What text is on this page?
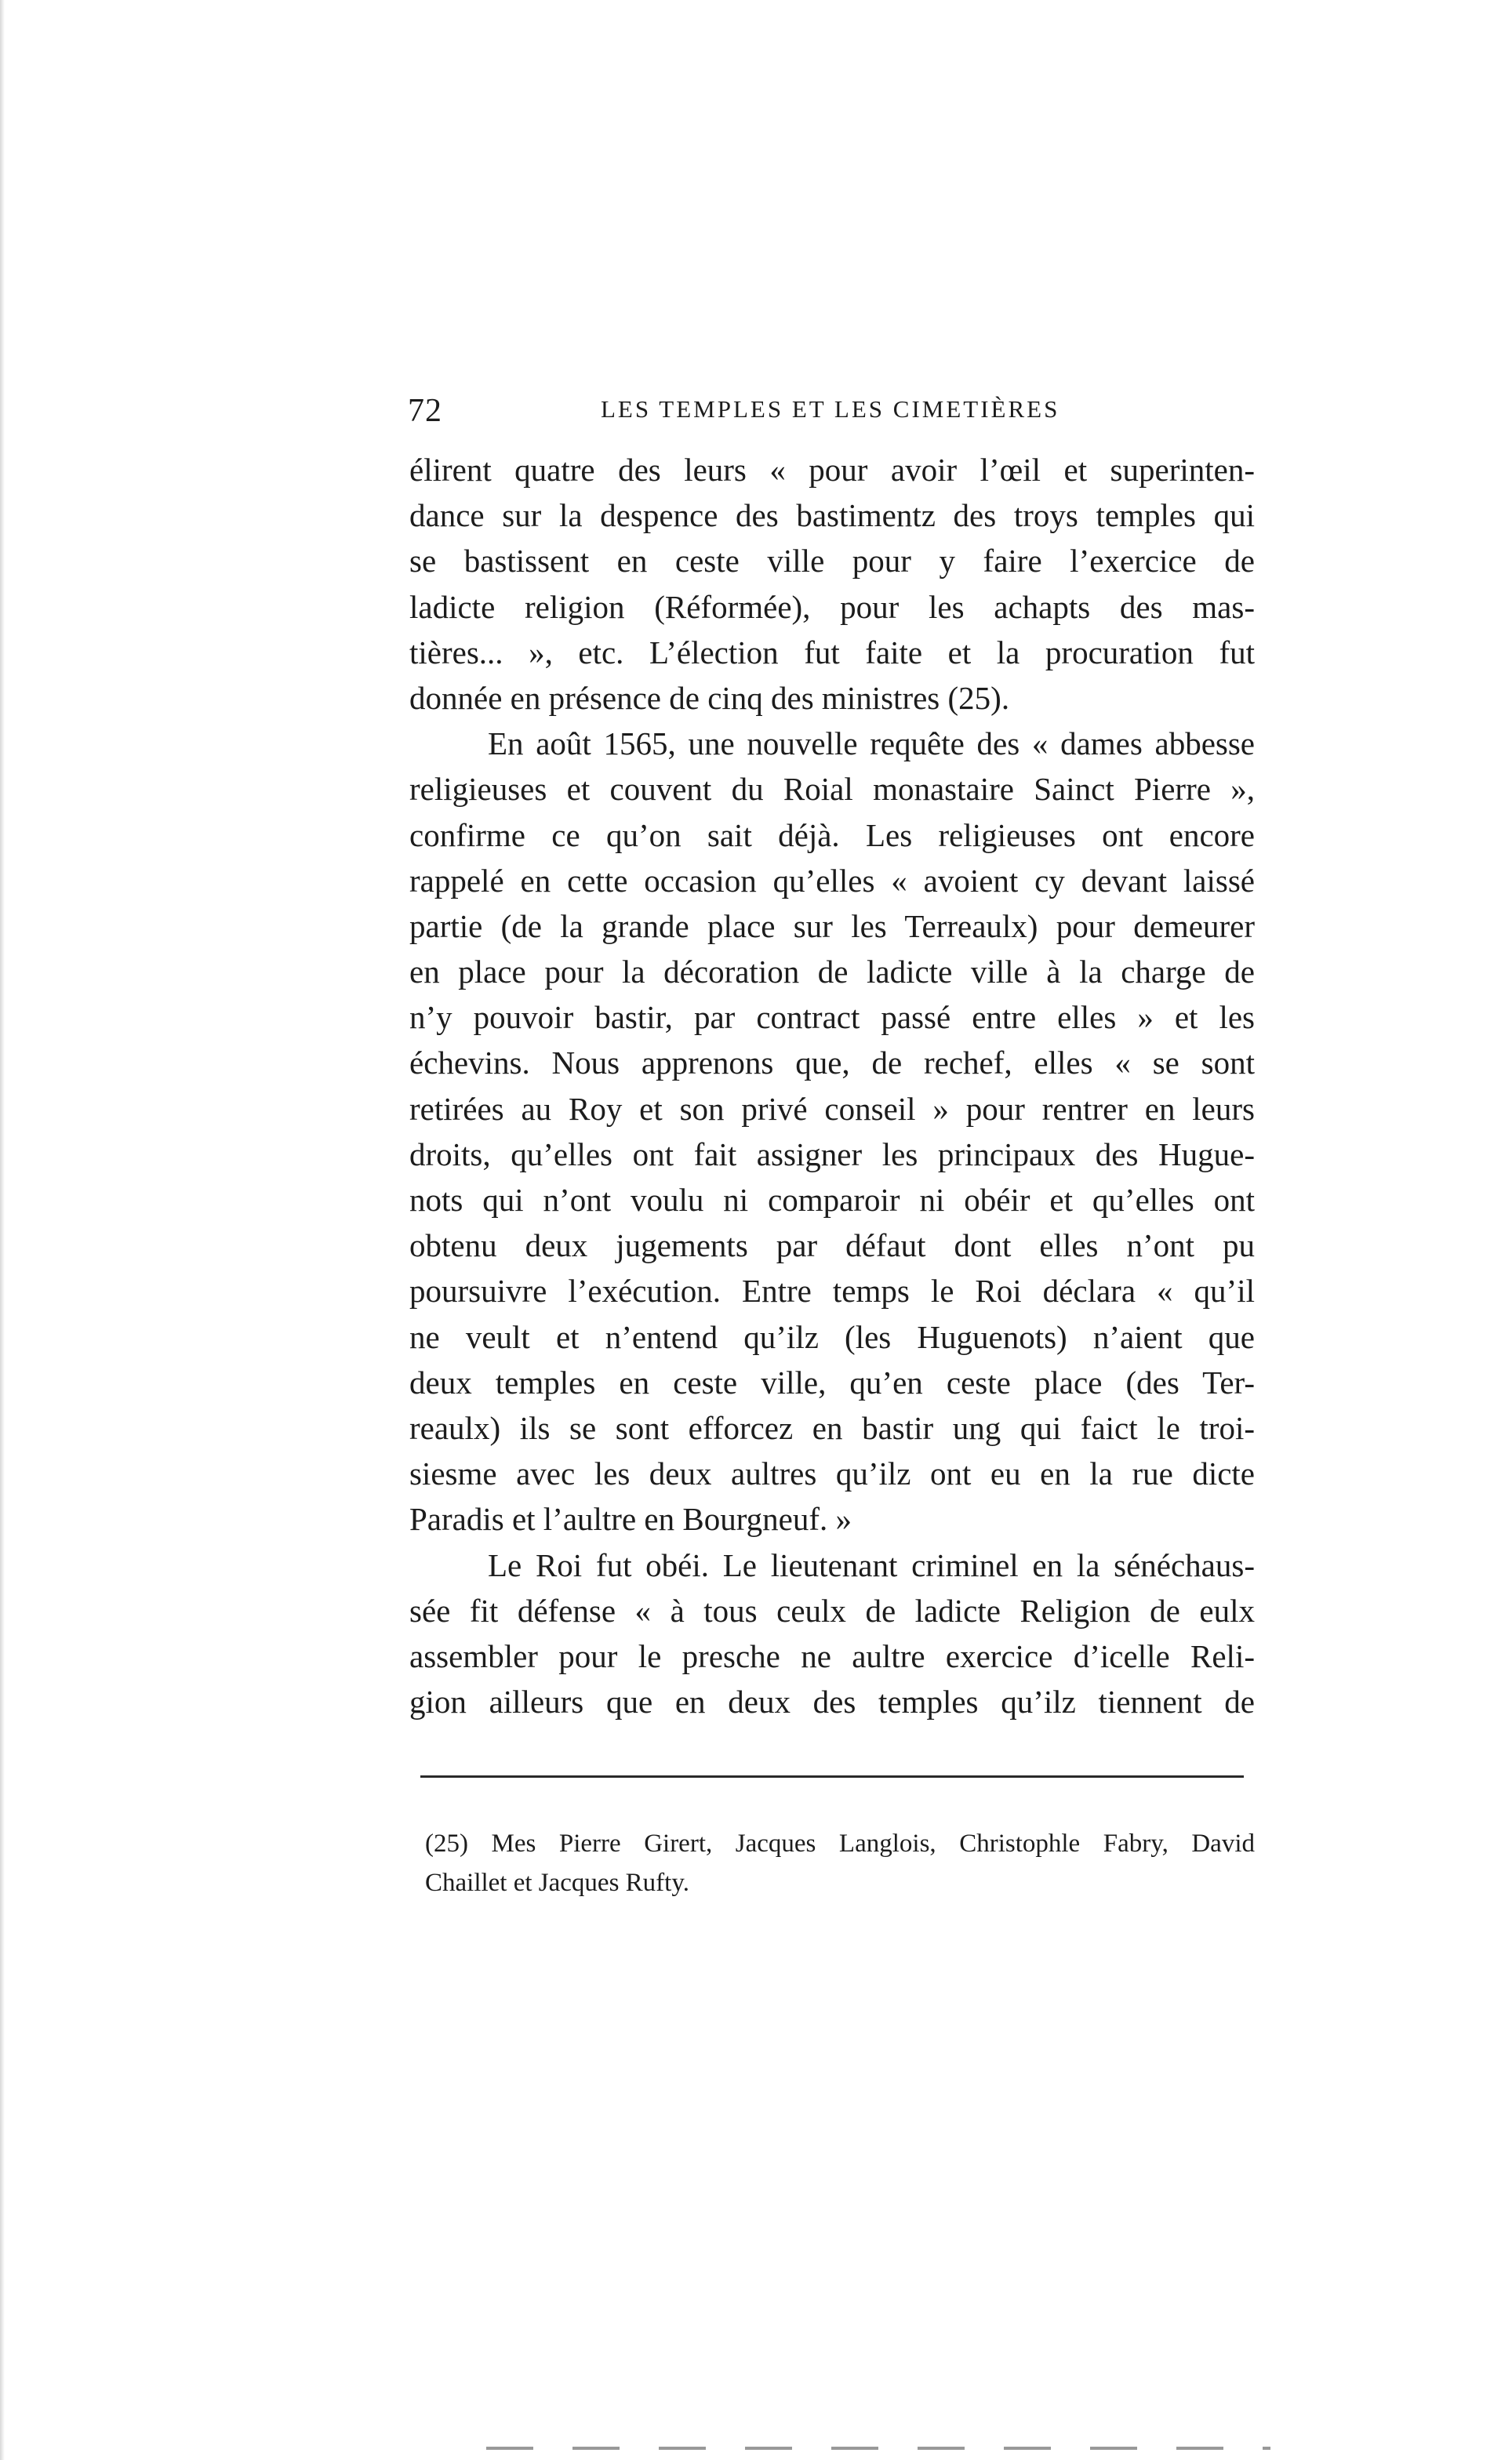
72	LES TEMPLES ET LES CIMETIÈRES
élirent quatre des leurs « pour avoir l’œil et superinten-
dance sur la despence des bastimentz des troys temples qui
se bastissent en ceste ville pour y faire l’exercice de
ladicte religion (Réformée), pour les achapts des mas-
tières... », etc. L’élection fut faite et la procuration fut
donnée en présence de cinq des ministres (25).
En août 1565, une nouvelle requête des « dames abbesse
religieuses et couvent du Roial monastaire Sainct Pierre »,
confirme ce qu’on sait déjà. Les religieuses ont encore
rappelé en cette occasion qu’elles « avoient cy devant laissé
partie (de la grande place sur les Terreaulx) pour demeurer
en place pour la décoration de ladicte ville à la charge de
n’y pouvoir bastir, par contract passé entre elles » et les
échevins. Nous apprenons que, de rechef, elles « se sont
retirées au Roy et son privé conseil » pour rentrer en leurs
droits, qu’elles ont fait assigner les principaux des Hugue-
nots qui n’ont voulu ni comparoir ni obéir et qu’elles ont
obtenu deux jugements par défaut dont elles n’ont pu
poursuivre l’exécution. Entre temps le Roi déclara « qu’il
ne veult et n’entend qu’ilz (les Huguenots) n’aient que
deux temples en ceste ville, qu’en ceste place (des Ter-
reaulx) ils se sont efforcez en bastir ung qui faict le troi-
siesme avec les deux aultres qu’ilz ont eu en la rue dicte
Paradis et l’aultre en Bourgneuf. »
Le Roi fut obéi. Le lieutenant criminel en la sénéchaus-
sée fit défense « à tous ceulx de ladicte Religion de eulx
assembler pour le presche ne aultre exercice d’icelle Reli-
gion ailleurs que en deux des temples qu’ilz tiennent de
(25) Mes Pierre Girert, Jacques Langlois, Christophle Fabry, David
Chaillet et Jacques Rufty.
